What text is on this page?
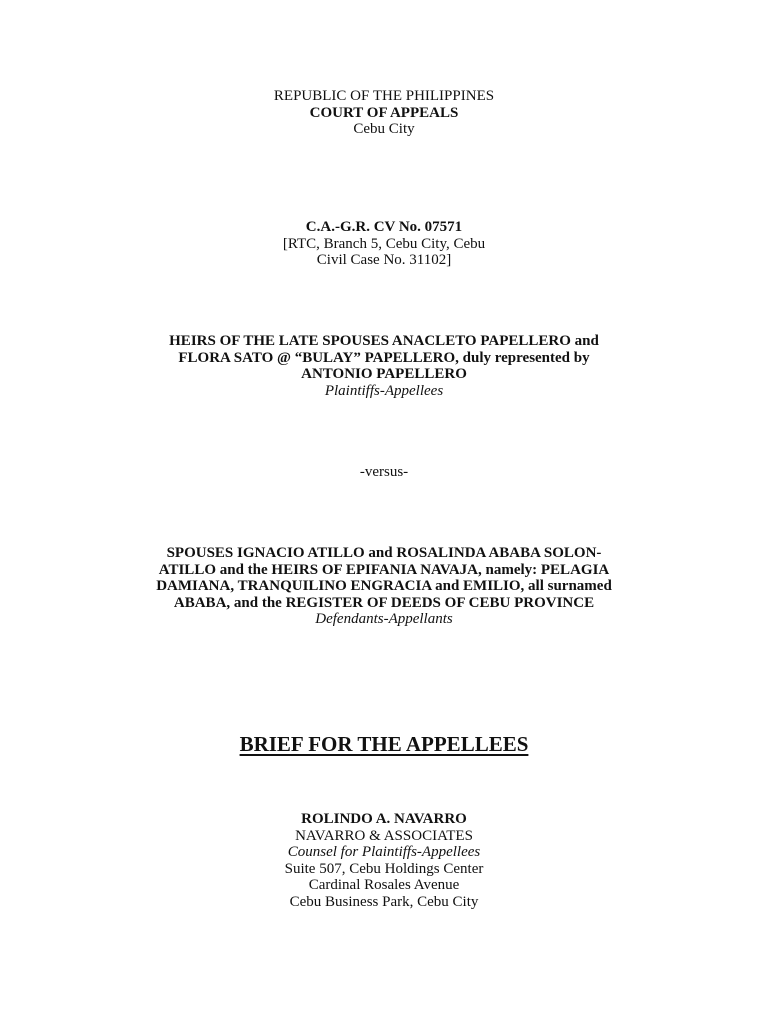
REPUBLIC OF THE PHILIPPINES
COURT OF APPEALS
Cebu City
C.A.-G.R. CV No. 07571
[RTC, Branch 5, Cebu City, Cebu
Civil Case No. 31102]
HEIRS OF THE LATE SPOUSES ANACLETO PAPELLERO and
FLORA SATO @ “BULAY” PAPELLERO, duly represented by
ANTONIO PAPELLERO
Plaintiffs-Appellees
-versus-
SPOUSES IGNACIO ATILLO and ROSALINDA ABABA SOLON-
ATILLO and the HEIRS OF EPIFANIA NAVAJA, namely: PELAGIA
DAMIANA, TRANQUILINO ENGRACIA and EMILIO, all surnamed
ABABA, and the REGISTER OF DEEDS OF CEBU PROVINCE
Defendants-Appellants
BRIEF FOR THE APPELLEES
ROLINDO A. NAVARRO
NAVARRO & ASSOCIATES
Counsel for Plaintiffs-Appellees
Suite 507, Cebu Holdings Center
Cardinal Rosales Avenue
Cebu Business Park, Cebu City
